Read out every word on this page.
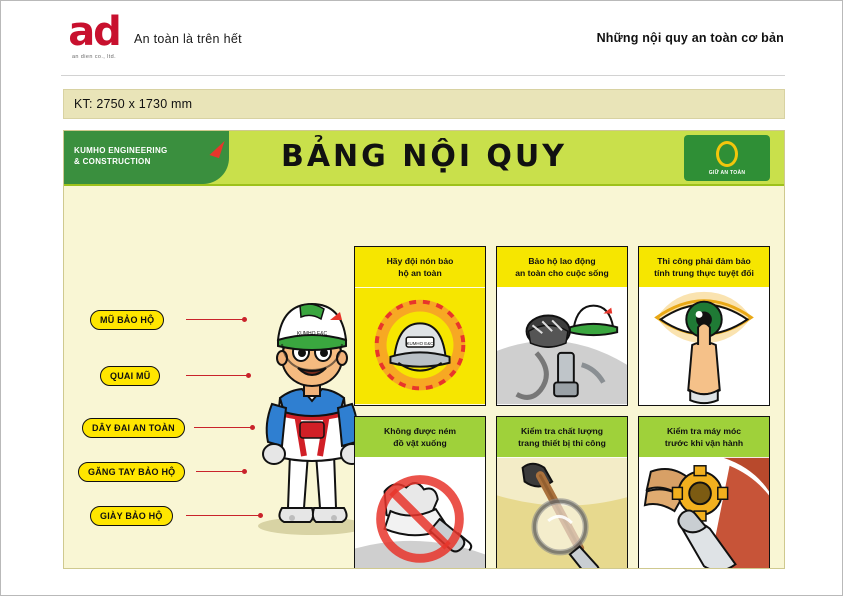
ad
an dien co., ltd.
An toàn là trên hết	Những nội quy an toàn cơ bản
KT: 2750 x 1730 mm
KUMHO ENGINEERING
& CONSTRUCTION	BẢNG NỘI QUY	GIỮ AN TOÀN
MŨ BẢO HỘ
QUAI MŨ
DÂY ĐAI AN TOÀN
GĂNG TAY BẢO HỘ
GIÀY BẢO HỘ
KUMHO E&C
Hãy đội nón bảo
hộ an toàn
KUMHO E&C
Bảo hộ lao động
an toàn cho cuộc sống
Thi công phải đảm bảo
tính trung thực tuyệt đối
Không được ném
đồ vật xuống
Kiểm tra chất lượng
trang thiết bị thi công
Kiểm tra máy móc
trước khi vận hành
